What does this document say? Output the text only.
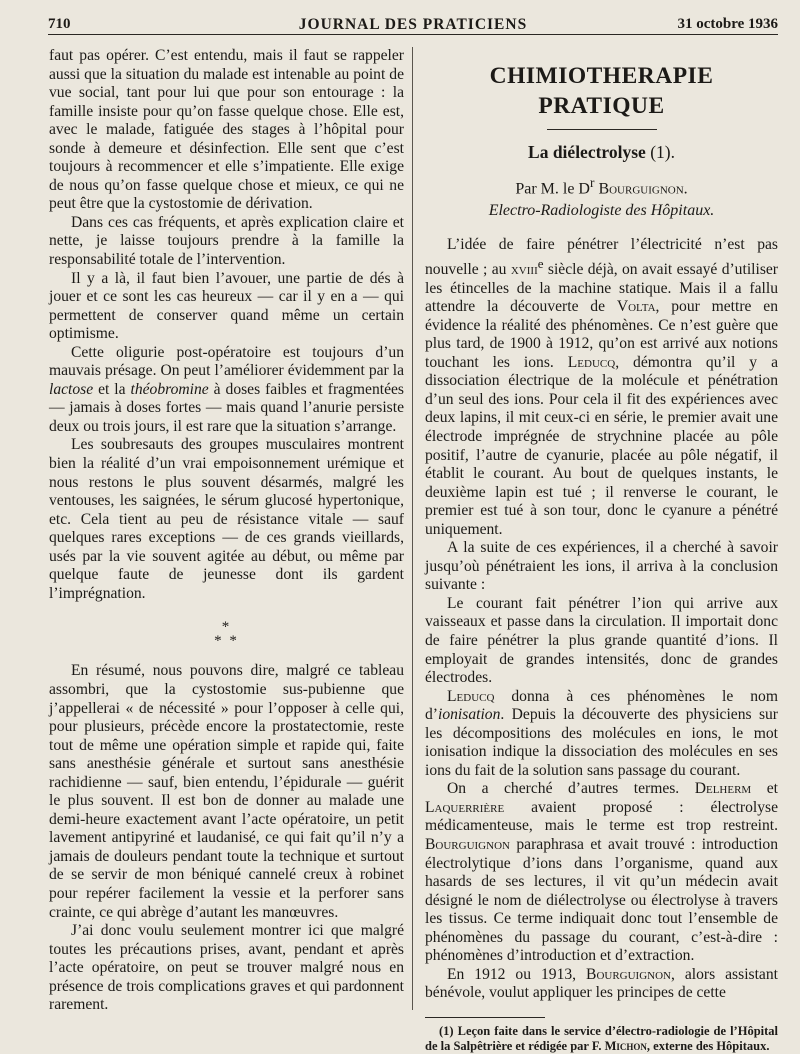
710	JOURNAL DES PRATICIENS	31 octobre 1936

faut pas opérer. C’est entendu, mais il faut se rappeler aussi que la situation du malade est intenable au point de vue social, tant pour lui que pour son entourage : la famille insiste pour qu’on fasse quelque chose. Elle est, avec le malade, fatiguée des stages à l’hôpital pour sonde à demeure et désinfection. Elle sent que c’est toujours à recommencer et elle s’impatiente. Elle exige de nous qu’on fasse quelque chose et mieux, ce qui ne peut être que la cystostomie de dérivation.

Dans ces cas fréquents, et après explication claire et nette, je laisse toujours prendre à la famille la responsabilité totale de l’intervention.

Il y a là, il faut bien l’avouer, une partie de dés à jouer et ce sont les cas heureux — car il y en a — qui permettent de conserver quand même un certain optimisme.

Cette oligurie post-opératoire est toujours d’un mauvais présage. On peut l’améliorer évidemment par la lactose et la théobromine à doses faibles et fragmentées — jamais à doses fortes — mais quand l’anurie persiste deux ou trois jours, il est rare que la situation s’arrange.

Les soubresauts des groupes musculaires montrent bien la réalité d’un vrai empoisonnement urémique et nous restons le plus souvent désarmés, malgré les ventouses, les saignées, le sérum glucosé hypertonique, etc. Cela tient au peu de résistance vitale — sauf quelques rares exceptions — de ces grands vieillards, usés par la vie souvent agitée au début, ou même par quelque faute de jeunesse dont ils gardent l’imprégnation.

*
* *

En résumé, nous pouvons dire, malgré ce tableau assombri, que la cystostomie sus-pubienne que j’appellerai « de nécessité » pour l’opposer à celle qui, pour plusieurs, précède encore la prostatectomie, reste tout de même une opération simple et rapide qui, faite sans anesthésie générale et surtout sans anesthésie rachidienne — sauf, bien entendu, l’épidurale — guérit le plus souvent. Il est bon de donner au malade une demi-heure exactement avant l’acte opératoire, un petit lavement antipyriné et laudanisé, ce qui fait qu’il n’y a jamais de douleurs pendant toute la technique et surtout de se servir de mon béniqué cannelé creux à robinet pour repérer facilement la vessie et la perforer sans crainte, ce qui abrège d’autant les manœuvres.

J’ai donc voulu seulement montrer ici que malgré toutes les précautions prises, avant, pendant et après l’acte opératoire, on peut se trouver malgré nous en présence de trois complications graves et qui pardonnent rarement.

CHIMIOTHERAPIE PRATIQUE
La diélectrolyse (1).
Par M. le $D^r$ Bourguignon.
Electro-Radiologiste des Hôpitaux.

L’idée de faire pénétrer l’électricité n’est pas nouvelle ; au xviii$^e$ siècle déjà, on avait essayé d’utiliser les étincelles de la machine statique. Mais il a fallu attendre la découverte de Volta, pour mettre en évidence la réalité des phénomènes. Ce n’est guère que plus tard, de 1900 à 1912, qu’on est arrivé aux notions touchant les ions. Leducq, démontra qu’il y a dissociation électrique de la molécule et pénétration d’un seul des ions. Pour cela il fit des expériences avec deux lapins, il mit ceux-ci en série, le premier avait une électrode imprégnée de strychnine placée au pôle positif, l’autre de cyanurie, placée au pôle négatif, il établit le courant. Au bout de quelques instants, le deuxième lapin est tué ; il renverse le courant, le premier est tué à son tour, donc le cyanure a pénétré uniquement.

A la suite de ces expériences, il a cherché à savoir jusqu’où pénétraient les ions, il arriva à la conclusion suivante :

Le courant fait pénétrer l’ion qui arrive aux vaisseaux et passe dans la circulation. Il importait donc de faire pénétrer la plus grande quantité d’ions. Il employait de grandes intensités, donc de grandes électrodes.

Leducq donna à ces phénomènes le nom d’ionisation. Depuis la découverte des physiciens sur les décompositions des molécules en ions, le mot ionisation indique la dissociation des molécules en ses ions du fait de la solution sans passage du courant.

On a cherché d’autres termes. Delherm et Laquerrière avaient proposé : électrolyse médicamenteuse, mais le terme est trop restreint. Bourguignon paraphrasa et avait trouvé : introduction électrolytique d’ions dans l’organisme, quand aux hasards de ses lectures, il vit qu’un médecin avait désigné le nom de diélectrolyse ou électrolyse à travers les tissus. Ce terme indiquait donc tout l’ensemble de phénomènes du passage du courant, c’est-à-dire : phénomènes d’introduction et d’extraction.

En 1912 ou 1913, Bourguignon, alors assistant bénévole, voulut appliquer les principes de cette

(1) Leçon faite dans le service d’électro-radiologie de l’Hôpital de la Salpêtrière et rédigée par F. Michon, externe des Hôpitaux.
